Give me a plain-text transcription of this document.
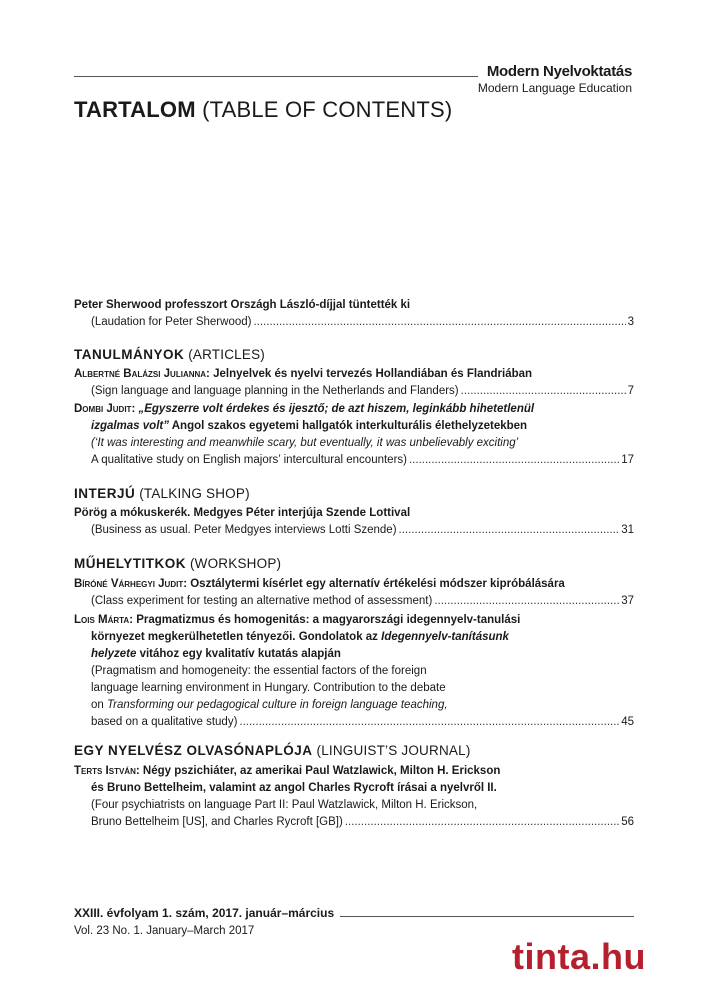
Modern Nyelvoktatás
Modern Language Education
TARTALOM (TABLE OF CONTENTS)
Peter Sherwood professzort Országh László-díjjal tüntették ki
(Laudation for Peter Sherwood) .....	3
TANULMÁNYOK (ARTICLES)
Albertné Balázsi Julianna: Jelnyelvek és nyelvi tervezés Hollandiában és Flandriában
(Sign language and language planning in the Netherlands and Flanders) .....	7
Dombi Judit: „Egyszerre volt érdekes és ijesztő; de azt hiszem, leginkább hihetetlenül
izgalmas volt” Angol szakos egyetemi hallgatók interkulturális élethelyzetekben
(‘It was interesting and meanwhile scary, but eventually, it was unbelievably exciting’
A qualitative study on English majors’ intercultural encounters) .....	17
INTERJÚ (TALKING SHOP)
Pörög a mókuskerék. Medgyes Péter interjúja Szende Lottival
(Business as usual. Peter Medgyes interviews Lotti Szende) .....	31
MŰHELYTITKOK (WORKSHOP)
Bíróné Várhegyi Judit: Osztálytermi kísérlet egy alternatív értékelési módszer kipróbálására
(Class experiment for testing an alternative method of assessment) .....	37
Lois Márta: Pragmatizmus és homogenitás: a magyarországi idegennyelv-tanulási
környezet megkerülhetetlen tényezői. Gondolatok az Idegennyelv-tanításunk
helyzete vitához egy kvalitatív kutatás alapján
(Pragmatism and homogeneity: the essential factors of the foreign
language learning environment in Hungary. Contribution to the debate
on Transforming our pedagogical culture in foreign language teaching,
based on a qualitative study) .....	45
EGY NYELVÉSZ OLVASÓNAPLÓJA (LINGUIST’S JOURNAL)
Terts István: Négy pszichiáter, az amerikai Paul Watzlawick, Milton H. Erickson
és Bruno Bettelheim, valamint az angol Charles Rycroft írásai a nyelvről II.
(Four psychiatrists on language Part II: Paul Watzlawick, Milton H. Erickson,
Bruno Bettelheim [US], and Charles Rycroft [GB]) .....	56
XXIII. évfolyam 1. szám, 2017. január–március
Vol. 23 No. 1. January–March 2017
tinta.hu
